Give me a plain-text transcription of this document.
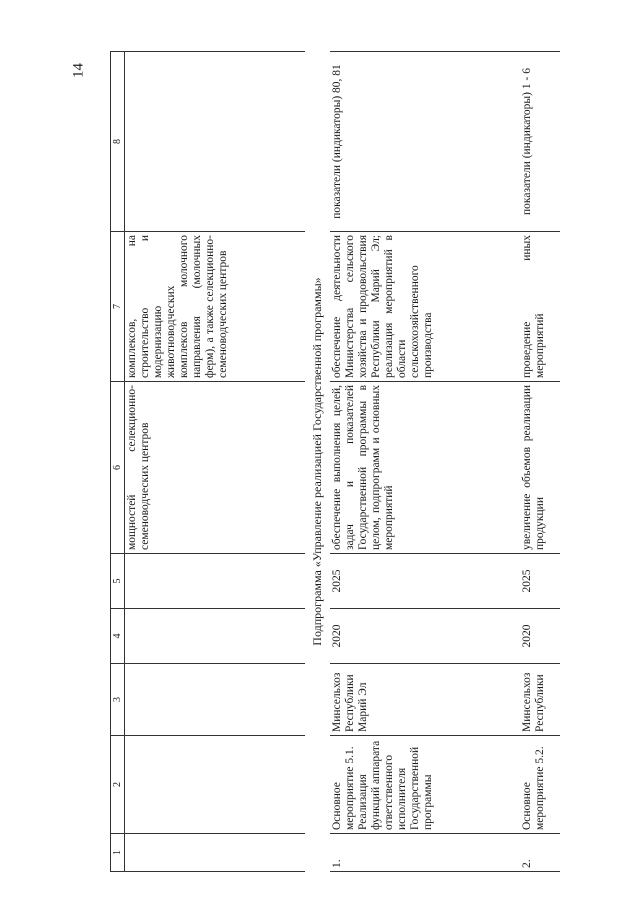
14
1	2	3	4	5	6	7	8
					мощностей селекционно-семеноводческих центров	комплексов, на строительство и модернизацию животноводческих комплексов молочного направления (молочных ферм), а также селекционно-семеноводческих центров	
Подпрограмма «Управление реализацией Государственной программы»							
1.	Основное мероприятие 5.1. Реализация функций аппарата ответственного исполнителя Государственной программы	Минсельхоз Республики Марий Эл	2020	2025	обеспечение выполнения целей, задач и показателей Государственной программы в целом, подпрограмм и основных мероприятий	обеспечение деятельности Министерства сельского хозяйства и продовольствия Республики Марий Эл; реализация мероприятий в области сельскохозяйственного производства	показатели (индикаторы) 80, 81
2.	Основное мероприятие 5.2.	Минсельхоз Республики	2020	2025	увеличение объемов реализации продукции	проведение иных мероприятий	показатели (индикаторы) 1 - 6
